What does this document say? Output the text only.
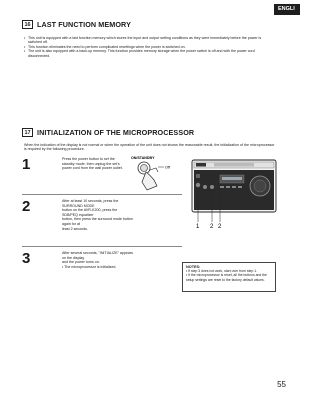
ENGLI
16 LAST FUNCTION MEMORY
• This unit is equipped with a last function memory which stores the input and output setting conditions as they were immediately before the power is switched off.
• This function eliminates the need to perform complicated resettings when the power is switched on.
• The unit is also equipped with a back-up memory. This function provides memory storage when the power switch is off and with the power cord disconnected.
17 INITIALIZATION OF THE MICROPROCESSOR
When the indication of the display is not normal or when the operation of the unit does not shows the reasonable result, the initialization of the microprocessor is required by the following procedure.
1	Press the power button to set the
standby mode, then unplug the set's
power cord from the wall power outlet.
ON/STANDBY
Off
2	After at least 10 seconds, press the SURROUND MODE
button on the AVR-K200, press the SDB/PEQ equalizer
button, then press the surround mode button again for at
least 2 seconds.
3	After several seconds, "INITIALIZE" appears on the display
and the power turns on.
• The microprocessor is initialized.
1 2 2
NOTES:
• If step 3 does not work, start over from step 1.
• If the microprocessor is reset, all the buttons and the setup settings are reset to the factory default values.
55
